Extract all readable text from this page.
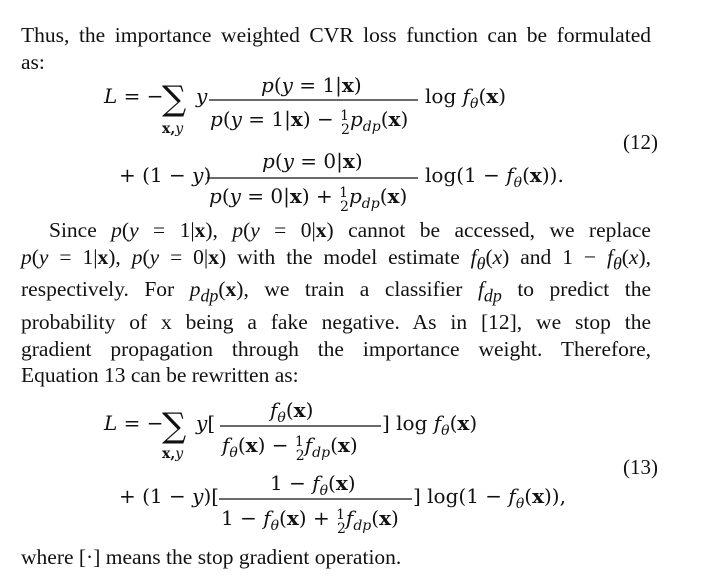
Thus, the importance weighted CVR loss function can be formulated
as:
L = −
∑
x,y
y	p(y = 1|x)
p(y = 1|x) − $^1$ $2p_{dp}(x)$
$\log f_\theta(x)$
+ (1 − y)
p(y = 0|x)
p(y = 0|x) + $^1$ $2p_{dp}(x)$
$\log(1 - f_\theta(x))$.
(12)
Since p(y = 1|x), p(y = 0|x) cannot be accessed, we replace
p(y = 1|x), p(y = 0|x) with the model estimate $f_\theta(x)$ and $1 - f_\theta(x)$,
respectively. For $p_{dp}(x)$, we train a classifier $f_{dp}$ to predict the
probability of x being a fake negative. As in [12], we stop the
gradient propagation through the importance weight. Therefore,
Equation 13 can be rewritten as:
L = −
∑
x,y
y[
$f_\theta(x)$
$f_\theta(x) - ^1$ $2f_{dp}(x)$
] $\log f_\theta(x)$
+ (1 − y)[
$1 - f_\theta(x)$
$1 - f_\theta(x) + ^1$ $2f_{dp}(x)$
] $\log(1 - f_\theta(x))$,
(13)
where [·] means the stop gradient operation.
